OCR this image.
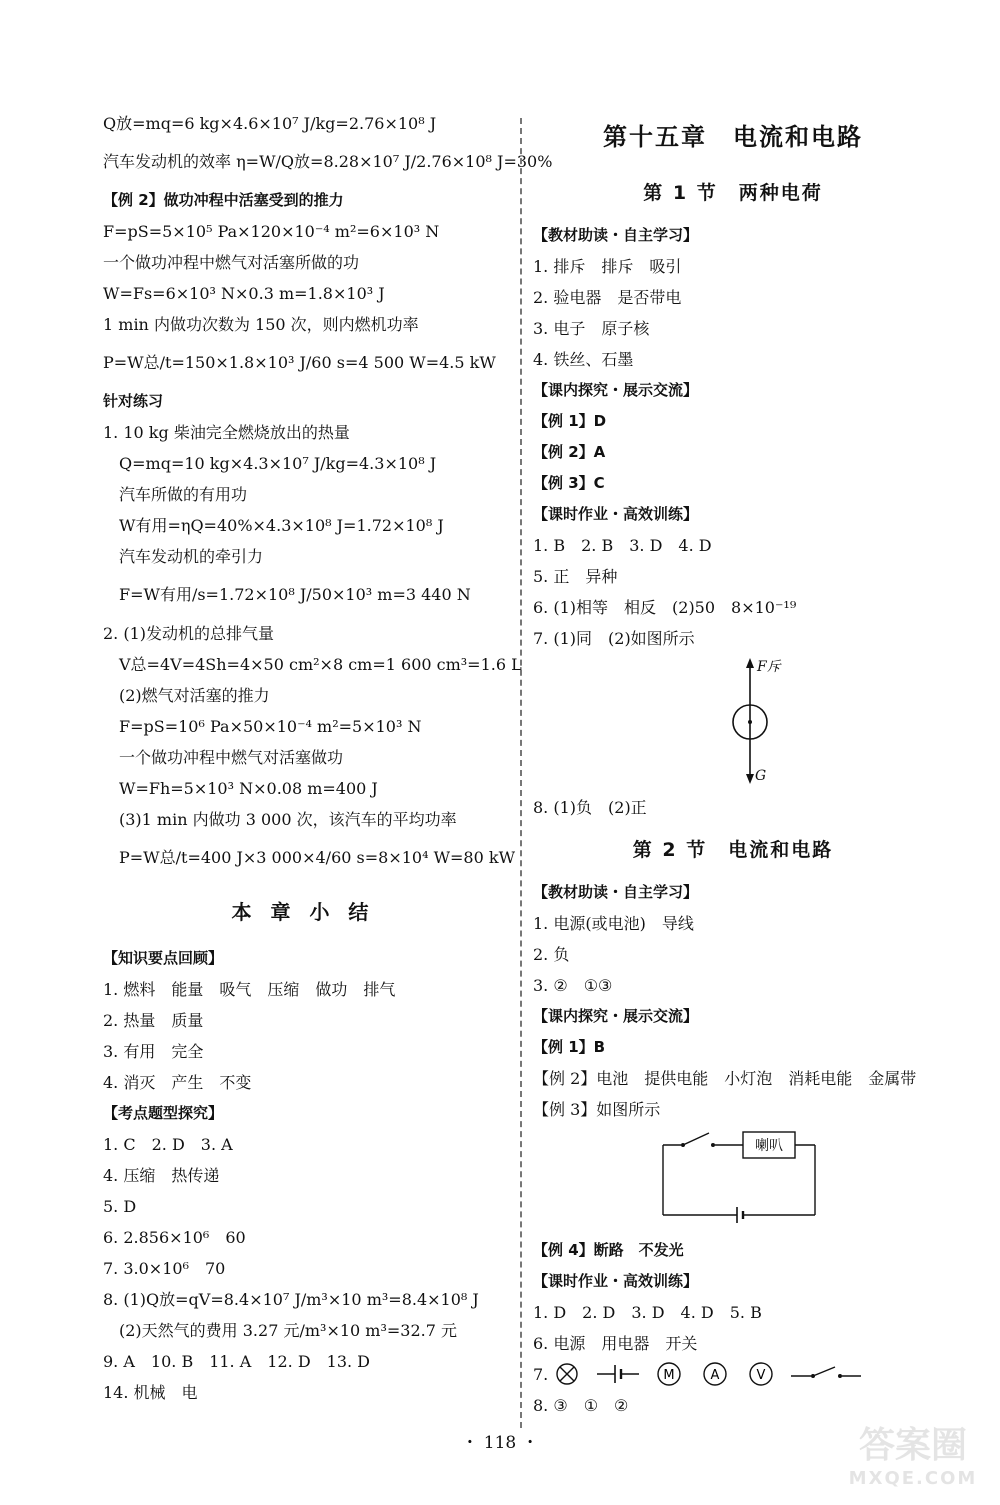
Q放=mq=6 kg×4.6×10⁷ J/kg=2.76×10⁸ J
汽车发动机的效率 η=W/Q放=8.28×10⁷ J/2.76×10⁸ J=30%
【例 2】做功冲程中活塞受到的推力
F=pS=5×10⁵ Pa×120×10⁻⁴ m²=6×10³ N
一个做功冲程中燃气对活塞所做的功
W=Fs=6×10³ N×0.3 m=1.8×10³ J
1 min 内做功次数为 150 次，则内燃机功率
P=W总/t=150×1.8×10³ J/60 s=4 500 W=4.5 kW
针对练习
1. 10 kg 柴油完全燃烧放出的热量
Q=mq=10 kg×4.3×10⁷ J/kg=4.3×10⁸ J
汽车所做的有用功
W有用=ηQ=40%×4.3×10⁸ J=1.72×10⁸ J
汽车发动机的牵引力
F=W有用/s=1.72×10⁸ J/50×10³ m=3 440 N
2. (1)发动机的总排气量
V总=4V=4Sh=4×50 cm²×8 cm=1 600 cm³=1.6 L
(2)燃气对活塞的推力
F=pS=10⁶ Pa×50×10⁻⁴ m²=5×10³ N
一个做功冲程中燃气对活塞做功
W=Fh=5×10³ N×0.08 m=400 J
(3)1 min 内做功 3 000 次，该汽车的平均功率
P=W总/t=400 J×3 000×4/60 s=8×10⁴ W=80 kW
本 章 小 结
【知识要点回顾】
1. 燃料　能量　吸气　压缩　做功　排气
2. 热量　质量
3. 有用　完全
4. 消灭　产生　不变
【考点题型探究】
1. C　2. D　3. A
4. 压缩　热传递
5. D
6. 2.856×10⁶　60
7. 3.0×10⁶　70
8. (1)Q放=qV=8.4×10⁷ J/m³×10 m³=8.4×10⁸ J
(2)天然气的费用 3.27 元/m³×10 m³=32.7 元
9. A　10. B　11. A　12. D　13. D
14. 机械　电
第十五章　电流和电路
第 1 节　两种电荷
【教材助读・自主学习】
1. 排斥　排斥　吸引
2. 验电器　是否带电
3. 电子　原子核
4. 铁丝、石墨
【课内探究・展示交流】
【例 1】D
【例 2】A
【例 3】C
【课时作业・高效训练】
1. B　2. B　3. D　4. D
5. 正　异种
6. (1)相等　相反　(2)50　8×10⁻¹⁹
7. (1)同　(2)如图所示
F斥
G
8. (1)负　(2)正
第 2 节　电流和电路
【教材助读・自主学习】
1. 电源(或电池)　导线
2. 负
3. ②　①③
【课内探究・展示交流】
【例 1】B
【例 2】电池　提供电能　小灯泡　消耗电能　金属带
【例 3】如图所示
喇叭
【例 4】断路　不发光
【课时作业・高效训练】
1. D　2. D　3. D　4. D　5. B
6. 电源　用电器　开关
7.	M	A	V
8. ③　①　②
・ 118 ・	答案圈
MXQE.COM
